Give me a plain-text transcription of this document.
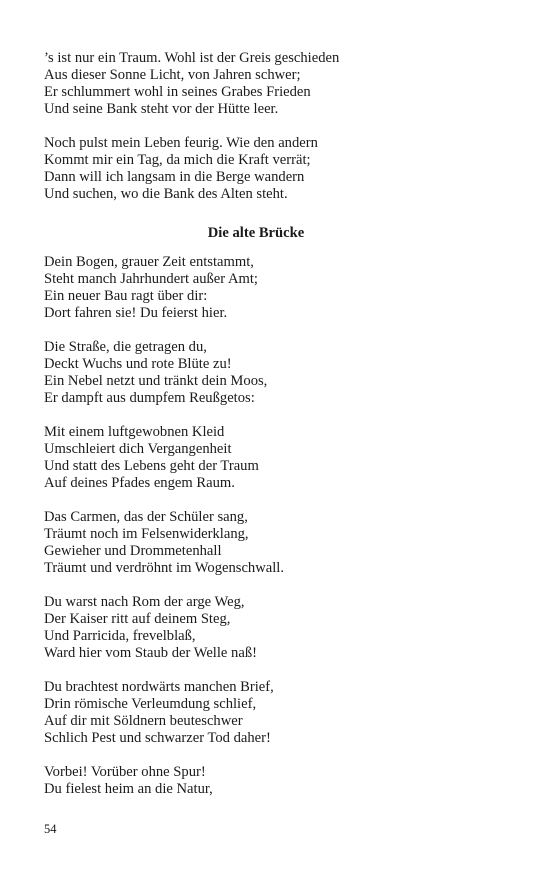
’s ist nur ein Traum. Wohl ist der Greis geschieden
Aus dieser Sonne Licht, von Jahren schwer;
Er schlummert wohl in seines Grabes Frieden
Und seine Bank steht vor der Hütte leer.
Noch pulst mein Leben feurig. Wie den andern
Kommt mir ein Tag, da mich die Kraft verrät;
Dann will ich langsam in die Berge wandern
Und suchen, wo die Bank des Alten steht.
Die alte Brücke
Dein Bogen, grauer Zeit entstammt,
Steht manch Jahrhundert außer Amt;
Ein neuer Bau ragt über dir:
Dort fahren sie! Du feierst hier.
Die Straße, die getragen du,
Deckt Wuchs und rote Blüte zu!
Ein Nebel netzt und tränkt dein Moos,
Er dampft aus dumpfem Reußgetos:
Mit einem luftgewobnen Kleid
Umschleiert dich Vergangenheit
Und statt des Lebens geht der Traum
Auf deines Pfades engem Raum.
Das Carmen, das der Schüler sang,
Träumt noch im Felsenwiderklang,
Gewieher und Drommetenhall
Träumt und verdröhnt im Wogenschwall.
Du warst nach Rom der arge Weg,
Der Kaiser ritt auf deinem Steg,
Und Parricida, frevelblaß,
Ward hier vom Staub der Welle naß!
Du brachtest nordwärts manchen Brief,
Drin römische Verleumdung schlief,
Auf dir mit Söldnern beuteschwer
Schlich Pest und schwarzer Tod daher!
Vorbei! Vorüber ohne Spur!
Du fielest heim an die Natur,
54
